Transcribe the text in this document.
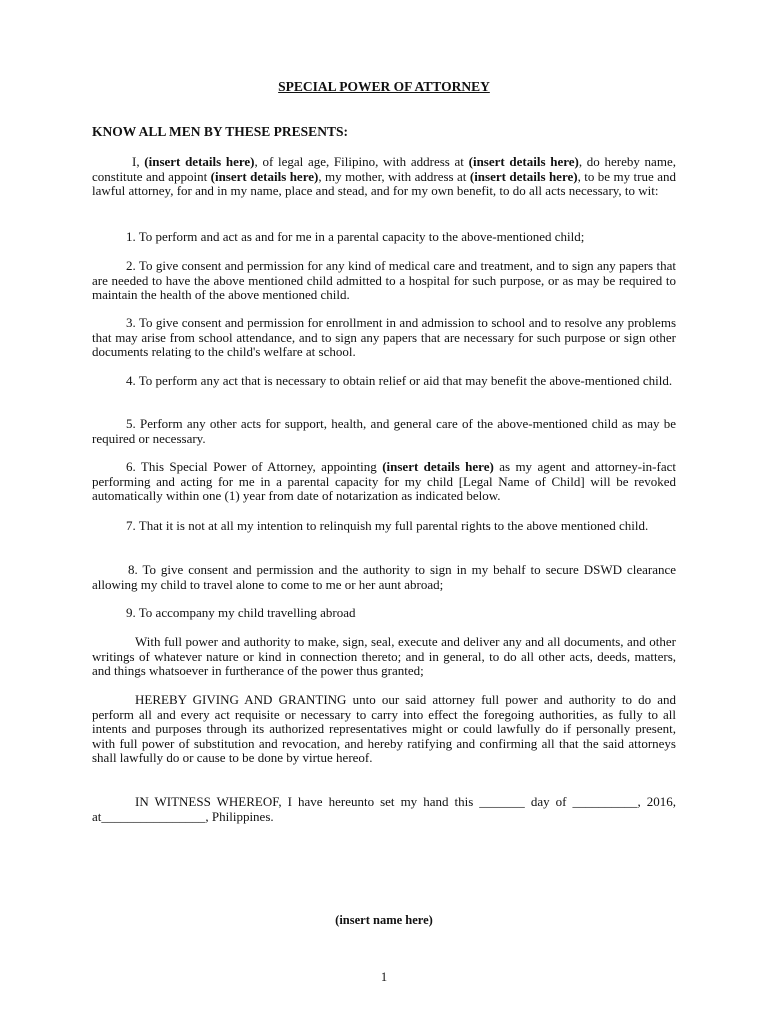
SPECIAL POWER OF ATTORNEY
KNOW ALL MEN BY THESE PRESENTS:

I, (insert details here), of legal age, Filipino, with address at (insert details here), do hereby name, constitute and appoint (insert details here), my mother, with address at (insert details here), to be my true and lawful attorney, for and in my name, place and stead, and for my own benefit, to do all acts necessary, to wit:

1. To perform and act as and for me in a parental capacity to the above-mentioned child;

2. To give consent and permission for any kind of medical care and treatment, and to sign any papers that are needed to have the above mentioned child admitted to a hospital for such purpose, or as may be required to maintain the health of the above mentioned child.

3. To give consent and permission for enrollment in and admission to school and to resolve any problems that may arise from school attendance, and to sign any papers that are necessary for such purpose or sign other documents relating to the child's welfare at school.

4. To perform any act that is necessary to obtain relief or aid that may benefit the above-mentioned child.

5. Perform any other acts for support, health, and general care of the above-mentioned child as may be required or necessary.

6. This Special Power of Attorney, appointing (insert details here) as my agent and attorney-in-fact performing and acting for me in a parental capacity for my child [Legal Name of Child] will be revoked automatically within one (1) year from date of notarization as indicated below.

7. That it is not at all my intention to relinquish my full parental rights to the above mentioned child.

8. To give consent and permission and the authority to sign in my behalf to secure DSWD clearance allowing my child to travel alone to come to me or her aunt abroad;

9. To accompany my child travelling abroad

With full power and authority to make, sign, seal, execute and deliver any and all documents, and other writings of whatever nature or kind in connection thereto; and in general, to do all other acts, deeds, matters, and things whatsoever in furtherance of the power thus granted;

HEREBY GIVING AND GRANTING unto our said attorney full power and authority to do and perform all and every act requisite or necessary to carry into effect the foregoing authorities, as fully to all intents and purposes through its authorized representatives might or could lawfully do if personally present, with full power of substitution and revocation, and hereby ratifying and confirming all that the said attorneys shall lawfully do or cause to be done by virtue hereof.

IN WITNESS WHEREOF, I have hereunto set my hand this _______ day of __________, 2016, at________________, Philippines.

(insert name here)
1
